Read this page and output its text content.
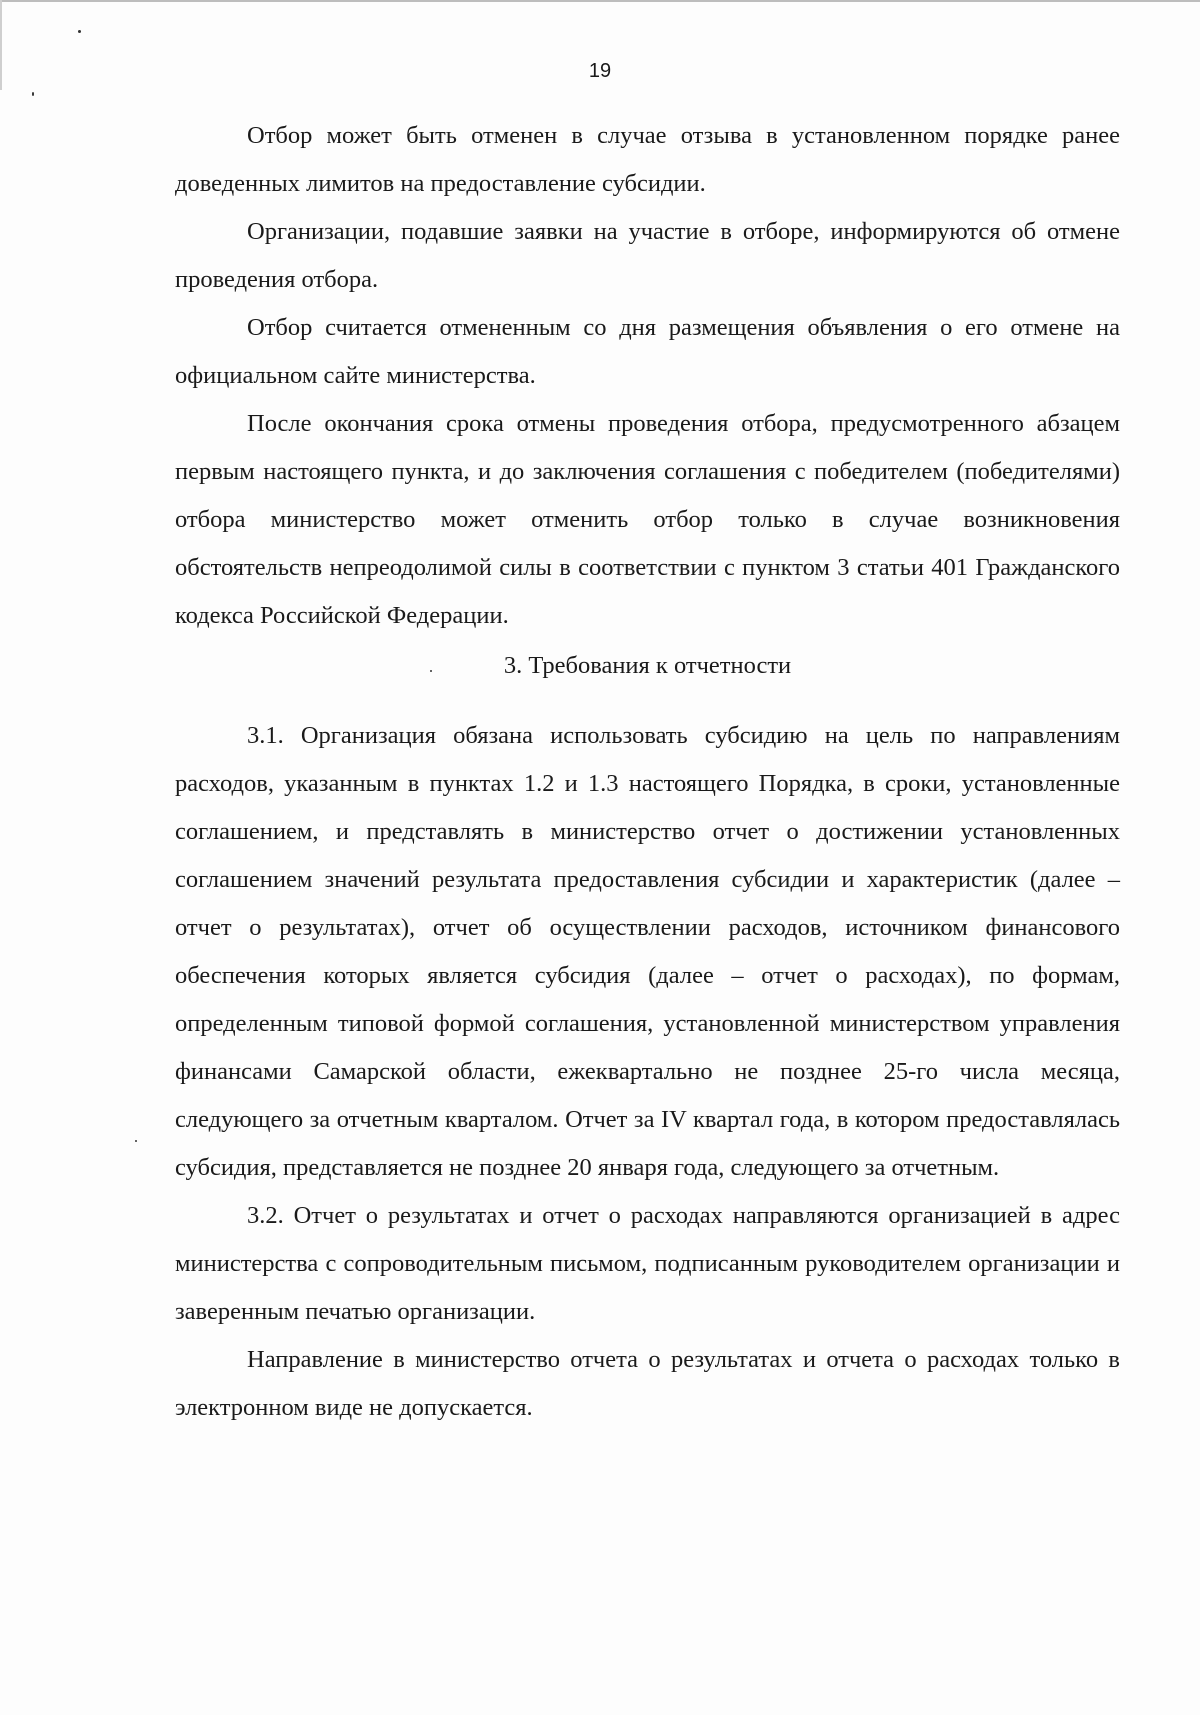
19

Отбор может быть отменен в случае отзыва в установленном порядке ранее доведенных лимитов на предоставление субсидии.

Организации, подавшие заявки на участие в отборе, информируются об отмене проведения отбора.

Отбор считается отмененным со дня размещения объявления о его отмене на официальном сайте министерства.

После окончания срока отмены проведения отбора, предусмотренного абзацем первым настоящего пункта, и до заключения соглашения с победителем (победителями) отбора министерство может отменить отбор только в случае возникновения обстоятельств непреодолимой силы в соответствии с пунктом 3 статьи 401 Гражданского кодекса Российской Федерации.

3. Требования к отчетности

3.1. Организация обязана использовать субсидию на цель по направлениям расходов, указанным в пунктах 1.2 и 1.3 настоящего Порядка, в сроки, установленные соглашением, и представлять в министерство отчет о достижении установленных соглашением значений результата предоставления субсидии и характеристик (далее – отчет о результатах), отчет об осуществлении расходов, источником финансового обеспечения которых является субсидия (далее – отчет о расходах), по формам, определенным типовой формой соглашения, установленной министерством управления финансами Самарской области, ежеквартально не позднее 25-го числа месяца, следующего за отчетным кварталом. Отчет за IV квартал года, в котором предоставлялась субсидия, представляется не позднее 20 января года, следующего за отчетным.

3.2. Отчет о результатах и отчет о расходах направляются организацией в адрес министерства с сопроводительным письмом, подписанным руководителем организации и заверенным печатью организации.

Направление в министерство отчета о результатах и отчета о расходах только в электронном виде не допускается.
